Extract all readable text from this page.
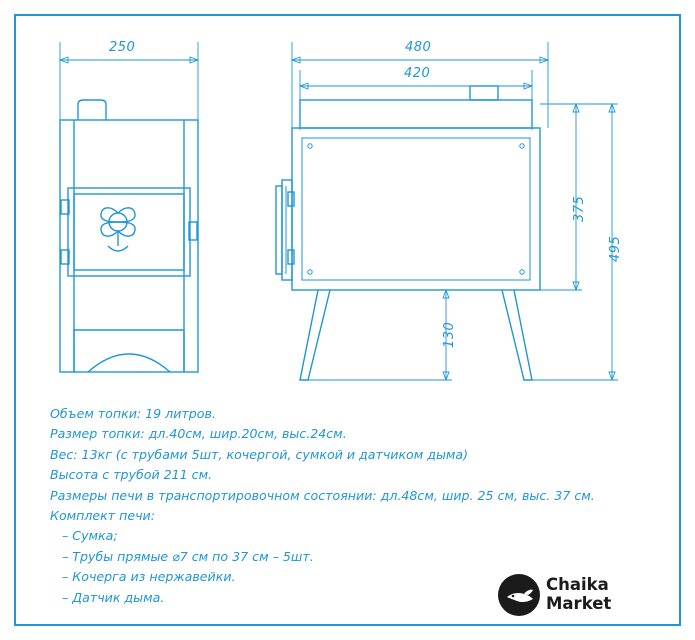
250	480
420
375
495
130
Объем топки: 19 литров.
Размер топки: дл.40см, шир.20см, выс.24см.
Вес: 13кг (с трубами 5шт, кочергой, сумкой и датчиком дыма)
Высота с трубой 211 см.
Размеры печи в транспортировочном состоянии: дл.48см, шир. 25 см, выс. 37 см.
Комплект печи:
– Сумка;
– Трубы прямые ⌀7 см по 37 см – 5шт.
– Кочерга из нержавейки.
– Датчик дыма.
Chaika
Market
